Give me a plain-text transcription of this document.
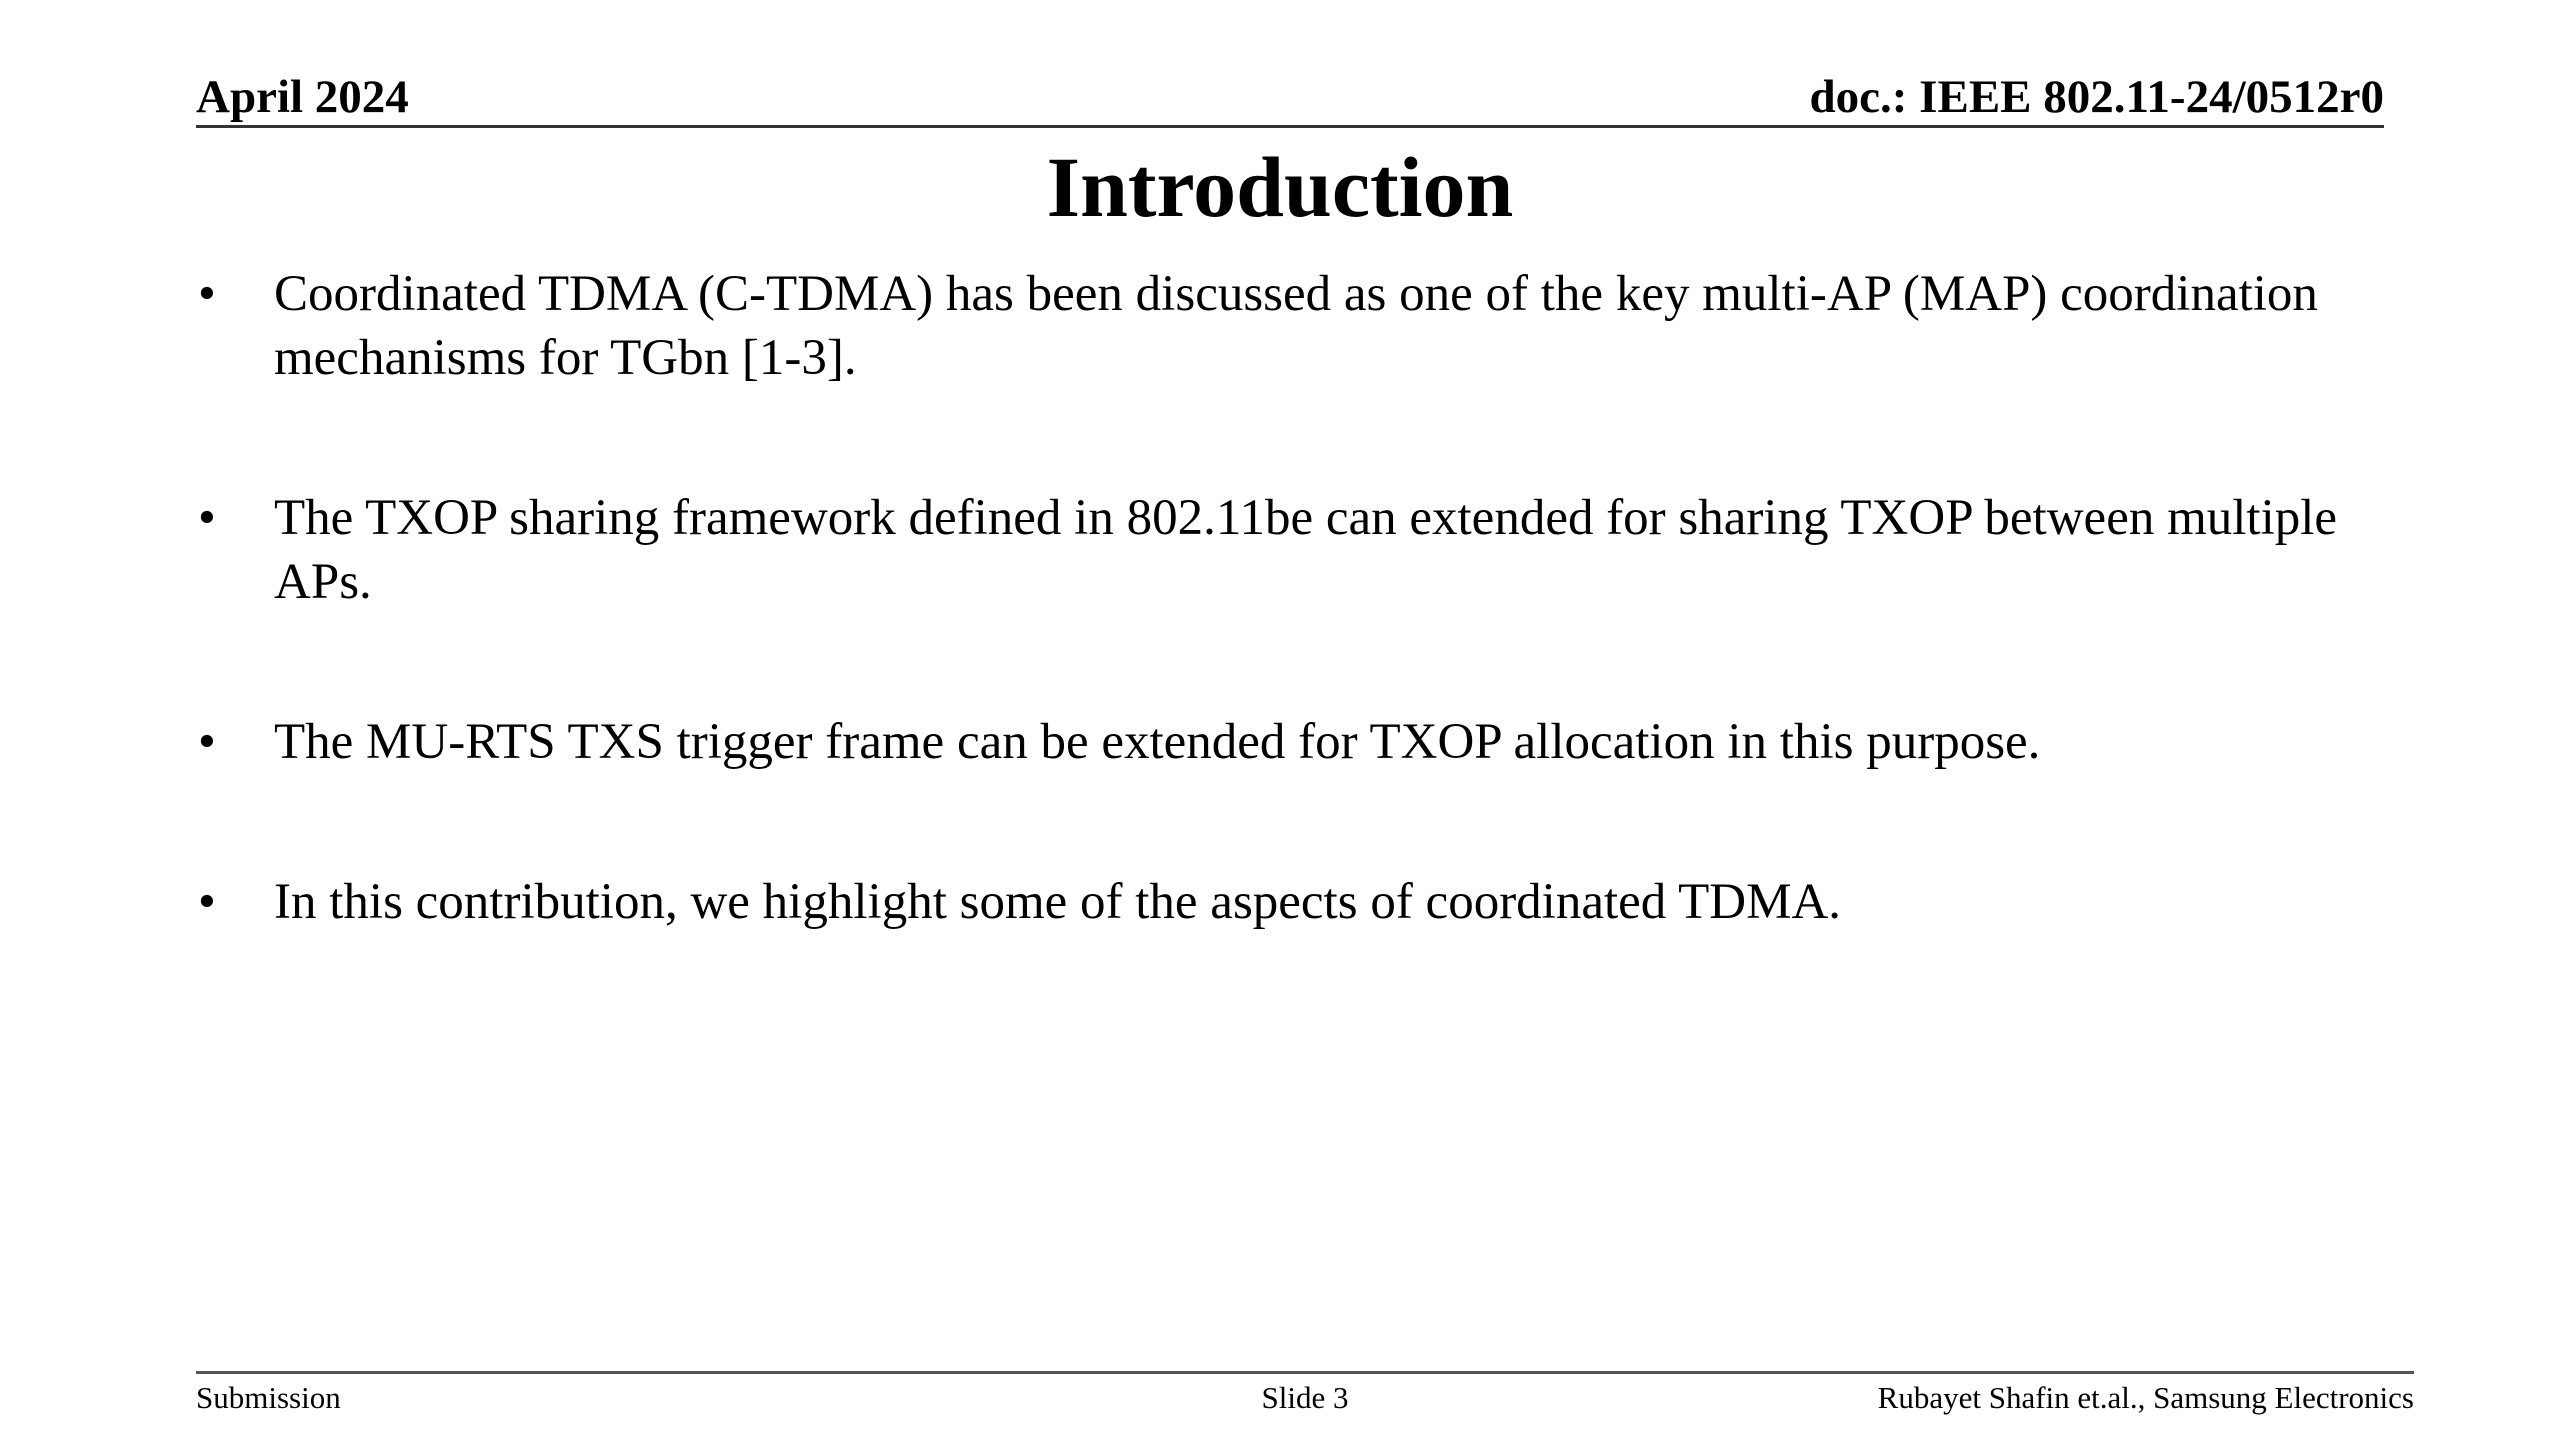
April 2024	doc.: IEEE 802.11-24/0512r0
Introduction
• Coordinated TDMA (C-TDMA) has been discussed as one of the key multi-AP (MAP) coordination mechanisms for TGbn [1-3].
• The TXOP sharing framework defined in 802.11be can extended for sharing TXOP between multiple APs.
• The MU-RTS TXS trigger frame can be extended for TXOP allocation in this purpose.
• In this contribution, we highlight some of the aspects of coordinated TDMA.
Submission	Slide 3	Rubayet Shafin et.al., Samsung Electronics
